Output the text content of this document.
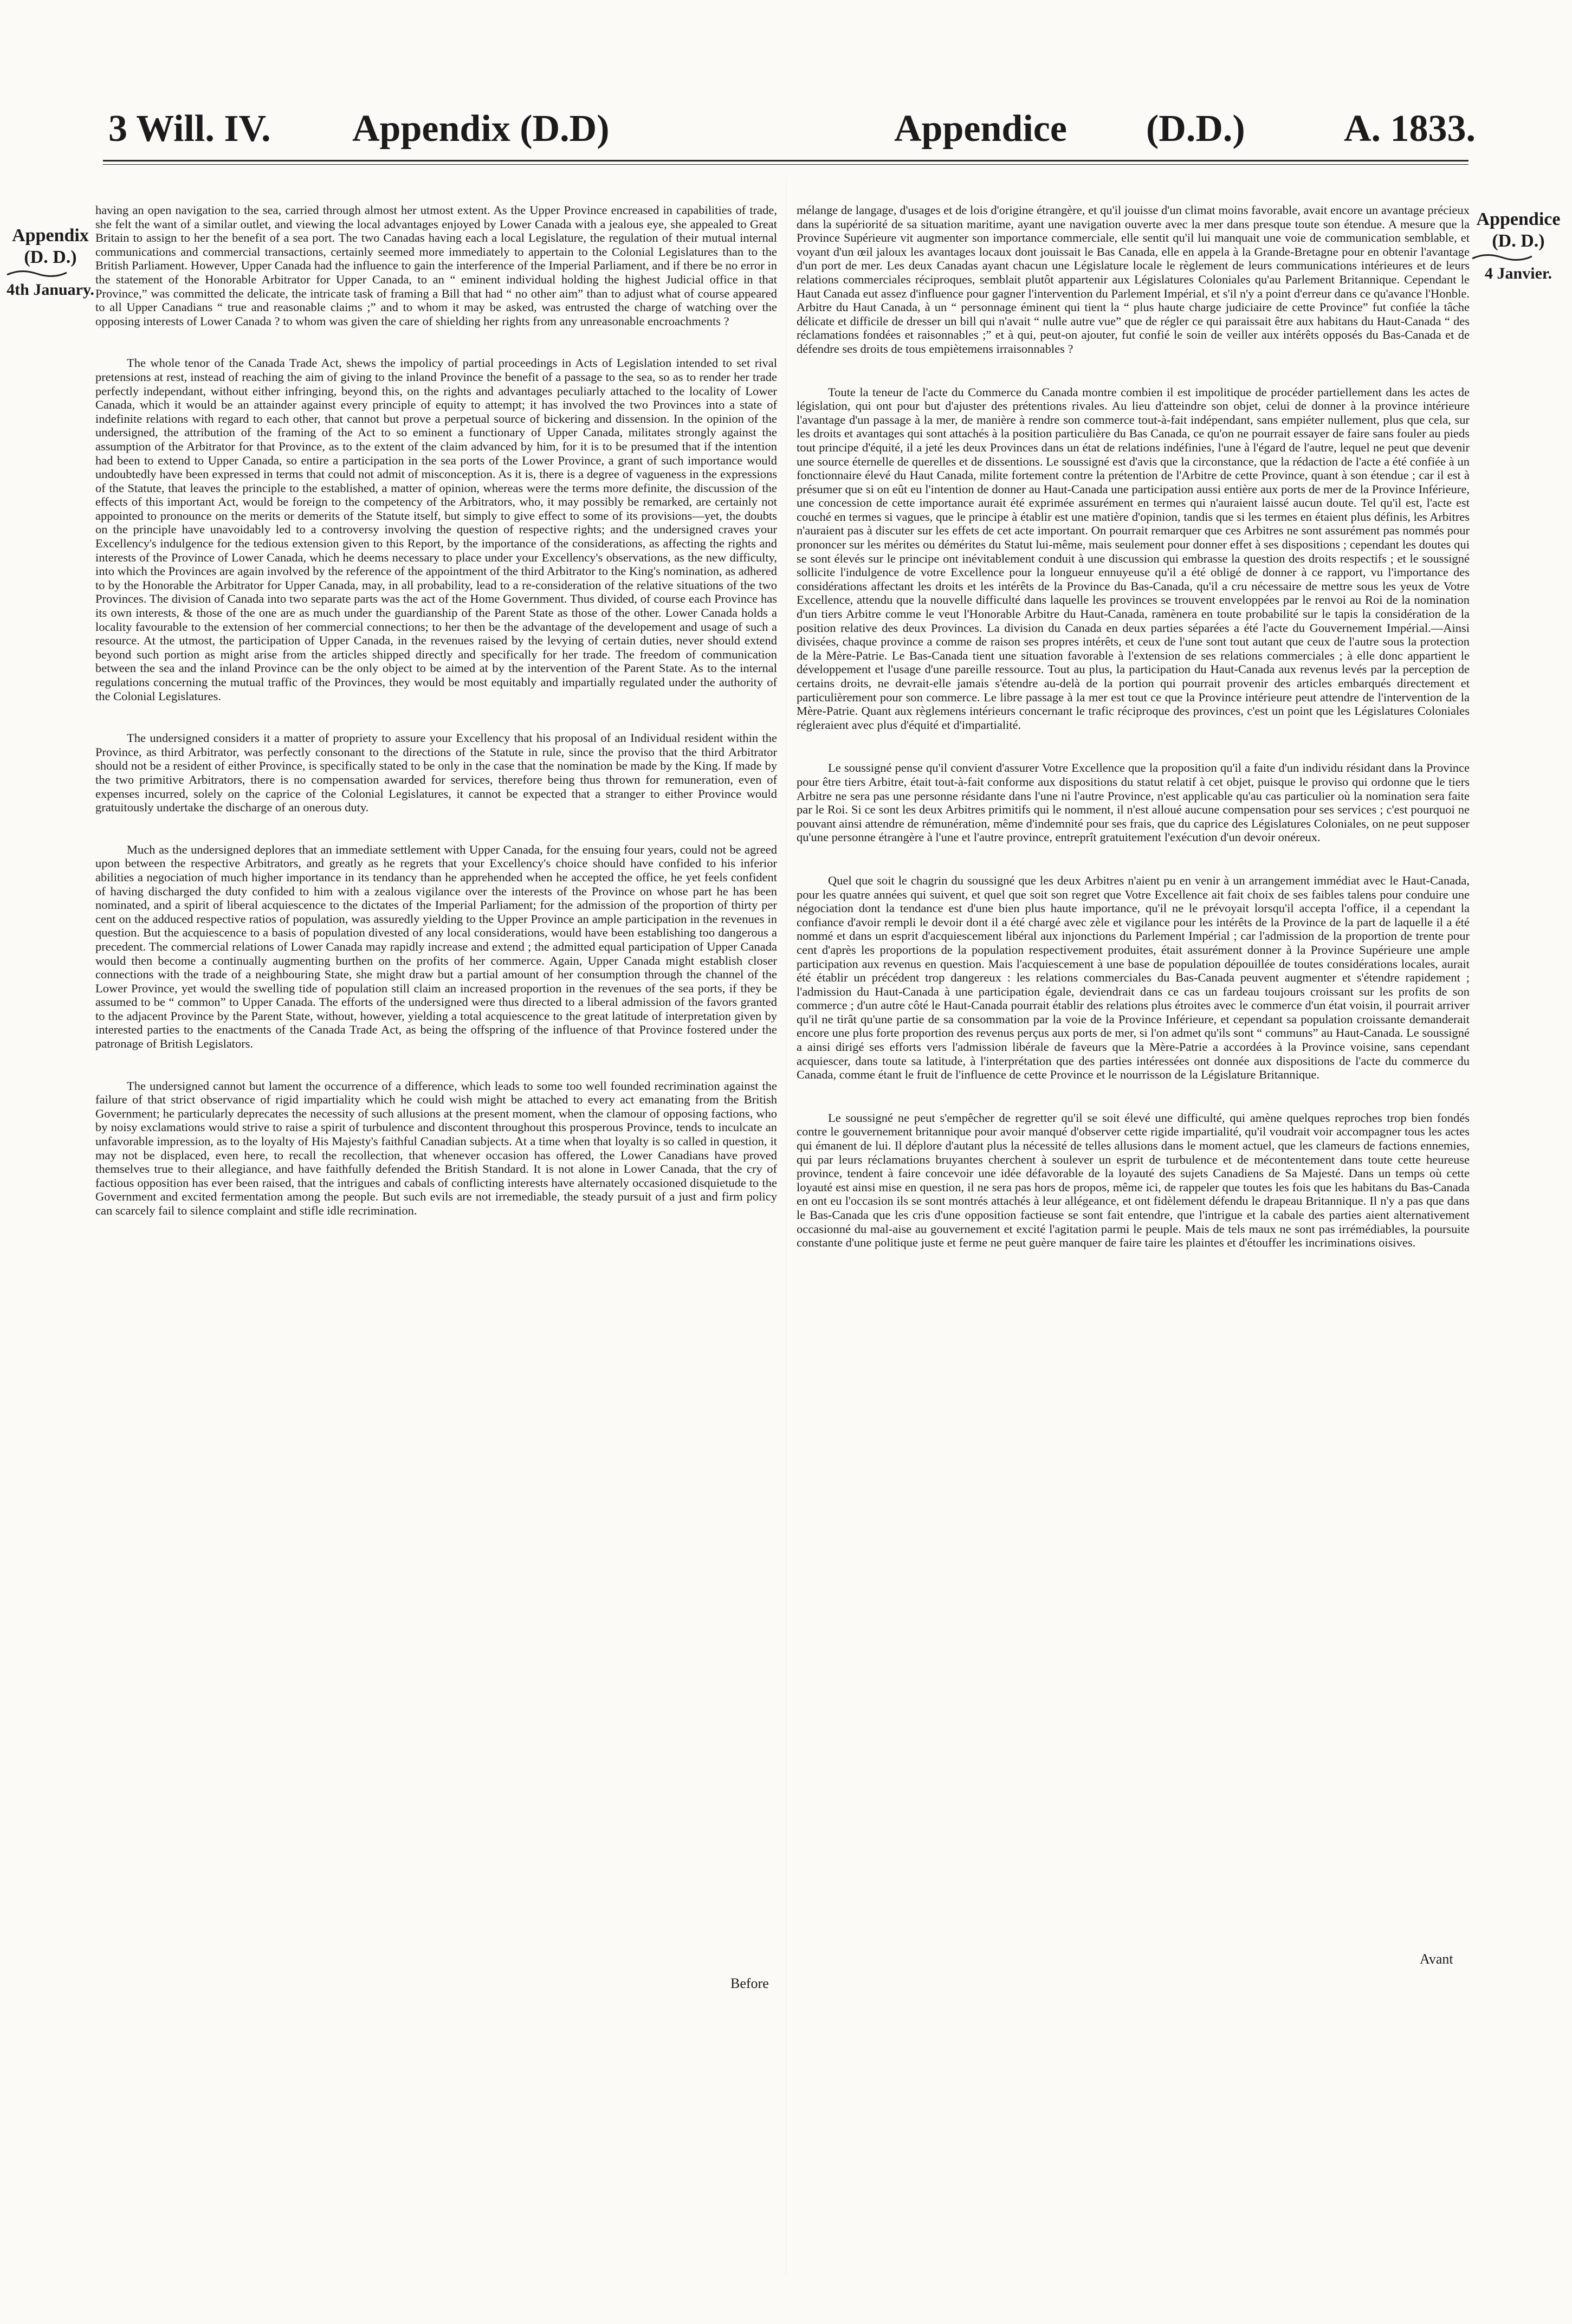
3 Will. IV. Appendix (D.D)	Appendice (D.D.)	A. 1833.
Appendix
(D. D.)
4th January.
Appendice
(D. D.)
4 Janvier.

having an open navigation to the sea, carried through almost her utmost extent. As the Upper Province encreased in capabilities of trade, she felt the want of a similar outlet, and viewing the local advantages enjoyed by Lower Canada with a jealous eye, she appealed to Great Britain to assign to her the benefit of a sea port. The two Canadas having each a local Legislature, the regulation of their mutual internal communications and commercial transactions, certainly seemed more immediately to appertain to the Colonial Legislatures than to the British Parliament. However, Upper Canada had the influence to gain the interference of the Imperial Parliament, and if there be no error in the statement of the Honorable Arbitrator for Upper Canada, to an “ eminent individual holding the highest Judicial office in that Province,” was committed the delicate, the intricate task of framing a Bill that had “ no other aim” than to adjust what of course appeared to all Upper Canadians “ true and reasonable claims ;” and to whom it may be asked, was entrusted the charge of watching over the opposing interests of Lower Canada ? to whom was given the care of shielding her rights from any unreasonable encroachments ?

The whole tenor of the Canada Trade Act, shews the impolicy of partial proceedings in Acts of Legislation intended to set rival pretensions at rest, instead of reaching the aim of giving to the inland Province the benefit of a passage to the sea, so as to render her trade perfectly independant, without either infringing, beyond this, on the rights and advantages peculiarly attached to the locality of Lower Canada, which it would be an attainder against every principle of equity to attempt; it has involved the two Provinces into a state of indefinite relations with regard to each other, that cannot but prove a perpetual source of bickering and dissension. In the opinion of the undersigned, the attribution of the framing of the Act to so eminent a functionary of Upper Canada, militates strongly against the assumption of the Arbitrator for that Province, as to the extent of the claim advanced by him, for it is to be presumed that if the intention had been to extend to Upper Canada, so entire a participation in the sea ports of the Lower Province, a grant of such importance would undoubtedly have been expressed in terms that could not admit of misconception. As it is, there is a degree of vagueness in the expressions of the Statute, that leaves the principle to the established, a matter of opinion, whereas were the terms more definite, the discussion of the effects of this important Act, would be foreign to the competency of the Arbitrators, who, it may possibly be remarked, are certainly not appointed to pronounce on the merits or demerits of the Statute itself, but simply to give effect to some of its provisions—yet, the doubts on the principle have unavoidably led to a controversy involving the question of respective rights; and the undersigned craves your Excellency's indulgence for the tedious extension given to this Report, by the importance of the considerations, as affecting the rights and interests of the Province of Lower Canada, which he deems necessary to place under your Excellency's observations, as the new difficulty, into which the Provinces are again involved by the reference of the appointment of the third Arbitrator to the King's nomination, as adhered to by the Honorable the Arbitrator for Upper Canada, may, in all probability, lead to a re-consideration of the relative situations of the two Provinces. The division of Canada into two separate parts was the act of the Home Government. Thus divided, of course each Province has its own interests, & those of the one are as much under the guardianship of the Parent State as those of the other. Lower Canada holds a locality favourable to the extension of her commercial connections; to her then be the advantage of the developement and usage of such a resource. At the utmost, the participation of Upper Canada, in the revenues raised by the levying of certain duties, never should extend beyond such portion as might arise from the articles shipped directly and specifically for her trade. The freedom of communication between the sea and the inland Province can be the only object to be aimed at by the intervention of the Parent State. As to the internal regulations concerning the mutual traffic of the Provinces, they would be most equitably and impartially regulated under the authority of the Colonial Legislatures.

The undersigned considers it a matter of propriety to assure your Excellency that his proposal of an Individual resident within the Province, as third Arbitrator, was perfectly consonant to the directions of the Statute in rule, since the proviso that the third Arbitrator should not be a resident of either Province, is specifically stated to be only in the case that the nomination be made by the King. If made by the two primitive Arbitrators, there is no compensation awarded for services, therefore being thus thrown for remuneration, even of expenses incurred, solely on the caprice of the Colonial Legislatures, it cannot be expected that a stranger to either Province would gratuitously undertake the discharge of an onerous duty.

Much as the undersigned deplores that an immediate settlement with Upper Canada, for the ensuing four years, could not be agreed upon between the respective Arbitrators, and greatly as he regrets that your Excellency's choice should have confided to his inferior abilities a negociation of much higher importance in its tendancy than he apprehended when he accepted the office, he yet feels confident of having discharged the duty confided to him with a zealous vigilance over the interests of the Province on whose part he has been nominated, and a spirit of liberal acquiescence to the dictates of the Imperial Parliament; for the admission of the proportion of thirty per cent on the adduced respective ratios of population, was assuredly yielding to the Upper Province an ample participation in the revenues in question. But the acquiescence to a basis of population divested of any local considerations, would have been establishing too dangerous a precedent. The commercial relations of Lower Canada may rapidly increase and extend ; the admitted equal participation of Upper Canada would then become a continually augmenting burthen on the profits of her commerce. Again, Upper Canada might establish closer connections with the trade of a neighbouring State, she might draw but a partial amount of her consumption through the channel of the Lower Province, yet would the swelling tide of population still claim an increased proportion in the revenues of the sea ports, if they be assumed to be “ common” to Upper Canada. The efforts of the undersigned were thus directed to a liberal admission of the favors granted to the adjacent Province by the Parent State, without, however, yielding a total acquiescence to the great latitude of interpretation given by interested parties to the enactments of the Canada Trade Act, as being the offspring of the influence of that Province fostered under the patronage of British Legislators.

The undersigned cannot but lament the occurrence of a difference, which leads to some too well founded recrimination against the failure of that strict observance of rigid impartiality which he could wish might be attached to every act emanating from the British Government; he particularly deprecates the necessity of such allusions at the present moment, when the clamour of opposing factions, who by noisy exclamations would strive to raise a spirit of turbulence and discontent throughout this prosperous Province, tends to inculcate an unfavorable impression, as to the loyalty of His Majesty's faithful Canadian subjects. At a time when that loyalty is so called in question, it may not be displaced, even here, to recall the recollection, that whenever occasion has offered, the Lower Canadians have proved themselves true to their allegiance, and have faithfully defended the British Standard. It is not alone in Lower Canada, that the cry of factious opposition has ever been raised, that the intrigues and cabals of conflicting interests have alternately occasioned disquietude to the Government and excited fermentation among the people. But such evils are not irremediable, the steady pursuit of a just and firm policy can scarcely fail to silence complaint and stifle idle recrimination.

mélange de langage, d'usages et de lois d'origine étrangère, et qu'il jouisse d'un climat moins favorable, avait encore un avantage précieux dans la supériorité de sa situation maritime, ayant une navigation ouverte avec la mer dans presque toute son étendue. A mesure que la Province Supérieure vit augmenter son importance commerciale, elle sentit qu'il lui manquait une voie de communication semblable, et voyant d'un œil jaloux les avantages locaux dont jouissait le Bas Canada, elle en appela à la Grande-Bretagne pour en obtenir l'avantage d'un port de mer. Les deux Canadas ayant chacun une Législature locale le règlement de leurs communications intérieures et de leurs relations commerciales réciproques, semblait plutôt appartenir aux Législatures Coloniales qu'au Parlement Britannique. Cependant le Haut Canada eut assez d'influence pour gagner l'intervention du Parlement Impérial, et s'il n'y a point d'erreur dans ce qu'avance l'Honble. Arbitre du Haut Canada, à un “ personnage éminent qui tient la “ plus haute charge judiciaire de cette Province” fut confiée la tâche délicate et difficile de dresser un bill qui n'avait “ nulle autre vue” que de régler ce qui paraissait être aux habitans du Haut-Canada “ des réclamations fondées et raisonnables ;” et à qui, peut-on ajouter, fut confié le soin de veiller aux intérêts opposés du Bas-Canada et de défendre ses droits de tous empiètemens irraisonnables ?

Toute la teneur de l'acte du Commerce du Canada montre combien il est impolitique de procéder partiellement dans les actes de législation, qui ont pour but d'ajuster des prétentions rivales. Au lieu d'atteindre son objet, celui de donner à la province intérieure l'avantage d'un passage à la mer, de manière à rendre son commerce tout-à-fait indépendant, sans empiéter nullement, plus que cela, sur les droits et avantages qui sont attachés à la position particulière du Bas Canada, ce qu'on ne pourrait essayer de faire sans fouler au pieds tout principe d'équité, il a jeté les deux Provinces dans un état de relations indéfinies, l'une à l'égard de l'autre, lequel ne peut que devenir une source éternelle de querelles et de dissentions. Le soussigné est d'avis que la circonstance, que la rédaction de l'acte a été confiée à un fonctionnaire élevé du Haut Canada, milite fortement contre la prétention de l'Arbitre de cette Province, quant à son étendue ; car il est à présumer que si on eût eu l'intention de donner au Haut-Canada une participation aussi entière aux ports de mer de la Province Inférieure, une concession de cette importance aurait été exprimée assurément en termes qui n'auraient laissé aucun doute. Tel qu'il est, l'acte est couché en termes si vagues, que le principe à établir est une matière d'opinion, tandis que si les termes en étaient plus définis, les Arbitres n'auraient pas à discuter sur les effets de cet acte important. On pourrait remarquer que ces Arbitres ne sont assurément pas nommés pour prononcer sur les mérites ou démérites du Statut lui-même, mais seulement pour donner effet à ses dispositions ; cependant les doutes qui se sont élevés sur le principe ont inévitablement conduit à une discussion qui embrasse la question des droits respectifs ; et le soussigné sollicite l'indulgence de votre Excellence pour la longueur ennuyeuse qu'il a été obligé de donner à ce rapport, vu l'importance des considérations affectant les droits et les intérêts de la Province du Bas-Canada, qu'il a cru nécessaire de mettre sous les yeux de Votre Excellence, attendu que la nouvelle difficulté dans laquelle les provinces se trouvent enveloppées par le renvoi au Roi de la nomination d'un tiers Arbitre comme le veut l'Honorable Arbitre du Haut-Canada, ramènera en toute probabilité sur le tapis la considération de la position relative des deux Provinces. La division du Canada en deux parties séparées a été l'acte du Gouvernement Impérial.—Ainsi divisées, chaque province a comme de raison ses propres intérêts, et ceux de l'une sont tout autant que ceux de l'autre sous la protection de la Mère-Patrie. Le Bas-Canada tient une situation favorable à l'extension de ses relations commerciales ; à elle donc appartient le développement et l'usage d'une pareille ressource. Tout au plus, la participation du Haut-Canada aux revenus levés par la perception de certains droits, ne devrait-elle jamais s'étendre au-delà de la portion qui pourrait provenir des articles embarqués directement et particulièrement pour son commerce. Le libre passage à la mer est tout ce que la Province intérieure peut attendre de l'intervention de la Mère-Patrie. Quant aux règlemens intérieurs concernant le trafic réciproque des provinces, c'est un point que les Législatures Coloniales régleraient avec plus d'équité et d'impartialité.

Le soussigné pense qu'il convient d'assurer Votre Excellence que la proposition qu'il a faite d'un individu résidant dans la Province pour être tiers Arbitre, était tout-à-fait conforme aux dispositions du statut relatif à cet objet, puisque le proviso qui ordonne que le tiers Arbitre ne sera pas une personne résidante dans l'une ni l'autre Province, n'est applicable qu'au cas particulier où la nomination sera faite par le Roi. Si ce sont les deux Arbitres primitifs qui le nomment, il n'est alloué aucune compensation pour ses services ; c'est pourquoi ne pouvant ainsi attendre de rémunération, même d'indemnité pour ses frais, que du caprice des Législatures Coloniales, on ne peut supposer qu'une personne étrangère à l'une et l'autre province, entreprît gratuitement l'exécution d'un devoir onéreux.

Quel que soit le chagrin du soussigné que les deux Arbitres n'aient pu en venir à un arrangement immédiat avec le Haut-Canada, pour les quatre années qui suivent, et quel que soit son regret que Votre Excellence ait fait choix de ses faibles talens pour conduire une négociation dont la tendance est d'une bien plus haute importance, qu'il ne le prévoyait lorsqu'il accepta l'office, il a cependant la confiance d'avoir rempli le devoir dont il a été chargé avec zèle et vigilance pour les intérêts de la Province de la part de laquelle il a été nommé et dans un esprit d'acquiescement libéral aux injonctions du Parlement Impérial ; car l'admission de la proportion de trente pour cent d'après les proportions de la population respectivement produites, était assurément donner à la Province Supérieure une ample participation aux revenus en question. Mais l'acquiescement à une base de population dépouillée de toutes considérations locales, aurait été établir un précédent trop dangereux : les relations commerciales du Bas-Canada peuvent augmenter et s'étendre rapidement ; l'admission du Haut-Canada à une participation égale, deviendrait dans ce cas un fardeau toujours croissant sur les profits de son commerce ; d'un autre côté le Haut-Canada pourrait établir des relations plus étroites avec le commerce d'un état voisin, il pourrait arriver qu'il ne tirât qu'une partie de sa consommation par la voie de la Province Inférieure, et cependant sa population croissante demanderait encore une plus forte proportion des revenus perçus aux ports de mer, si l'on admet qu'ils sont “ communs” au Haut-Canada. Le soussigné a ainsi dirigé ses efforts vers l'admission libérale de faveurs que la Mère-Patrie a accordées à la Province voisine, sans cependant acquiescer, dans toute sa latitude, à l'interprétation que des parties intéressées ont donnée aux dispositions de l'acte du commerce du Canada, comme étant le fruit de l'influence de cette Province et le nourrisson de la Législature Britannique.

Le soussigné ne peut s'empêcher de regretter qu'il se soit élevé une difficulté, qui amène quelques reproches trop bien fondés contre le gouvernement britannique pour avoir manqué d'observer cette rigide impartialité, qu'il voudrait voir accompagner tous les actes qui émanent de lui. Il déplore d'autant plus la nécessité de telles allusions dans le moment actuel, que les clameurs de factions ennemies, qui par leurs réclamations bruyantes cherchent à soulever un esprit de turbulence et de mécontentement dans toute cette heureuse province, tendent à faire concevoir une idée défavorable de la loyauté des sujets Canadiens de Sa Majesté. Dans un temps où cette loyauté est ainsi mise en question, il ne sera pas hors de propos, même ici, de rappeler que toutes les fois que les habitans du Bas-Canada en ont eu l'occasion ils se sont montrés attachés à leur allégeance, et ont fidèlement défendu le drapeau Britannique. Il n'y a pas que dans le Bas-Canada que les cris d'une opposition factieuse se sont fait entendre, que l'intrigue et la cabale des parties aient alternativement occasionné du mal-aise au gouvernement et excité l'agitation parmi le peuple. Mais de tels maux ne sont pas irrémédiables, la poursuite constante d'une politique juste et ferme ne peut guère manquer de faire taire les plaintes et d'étouffer les incriminations oisives.

Before
Avant
